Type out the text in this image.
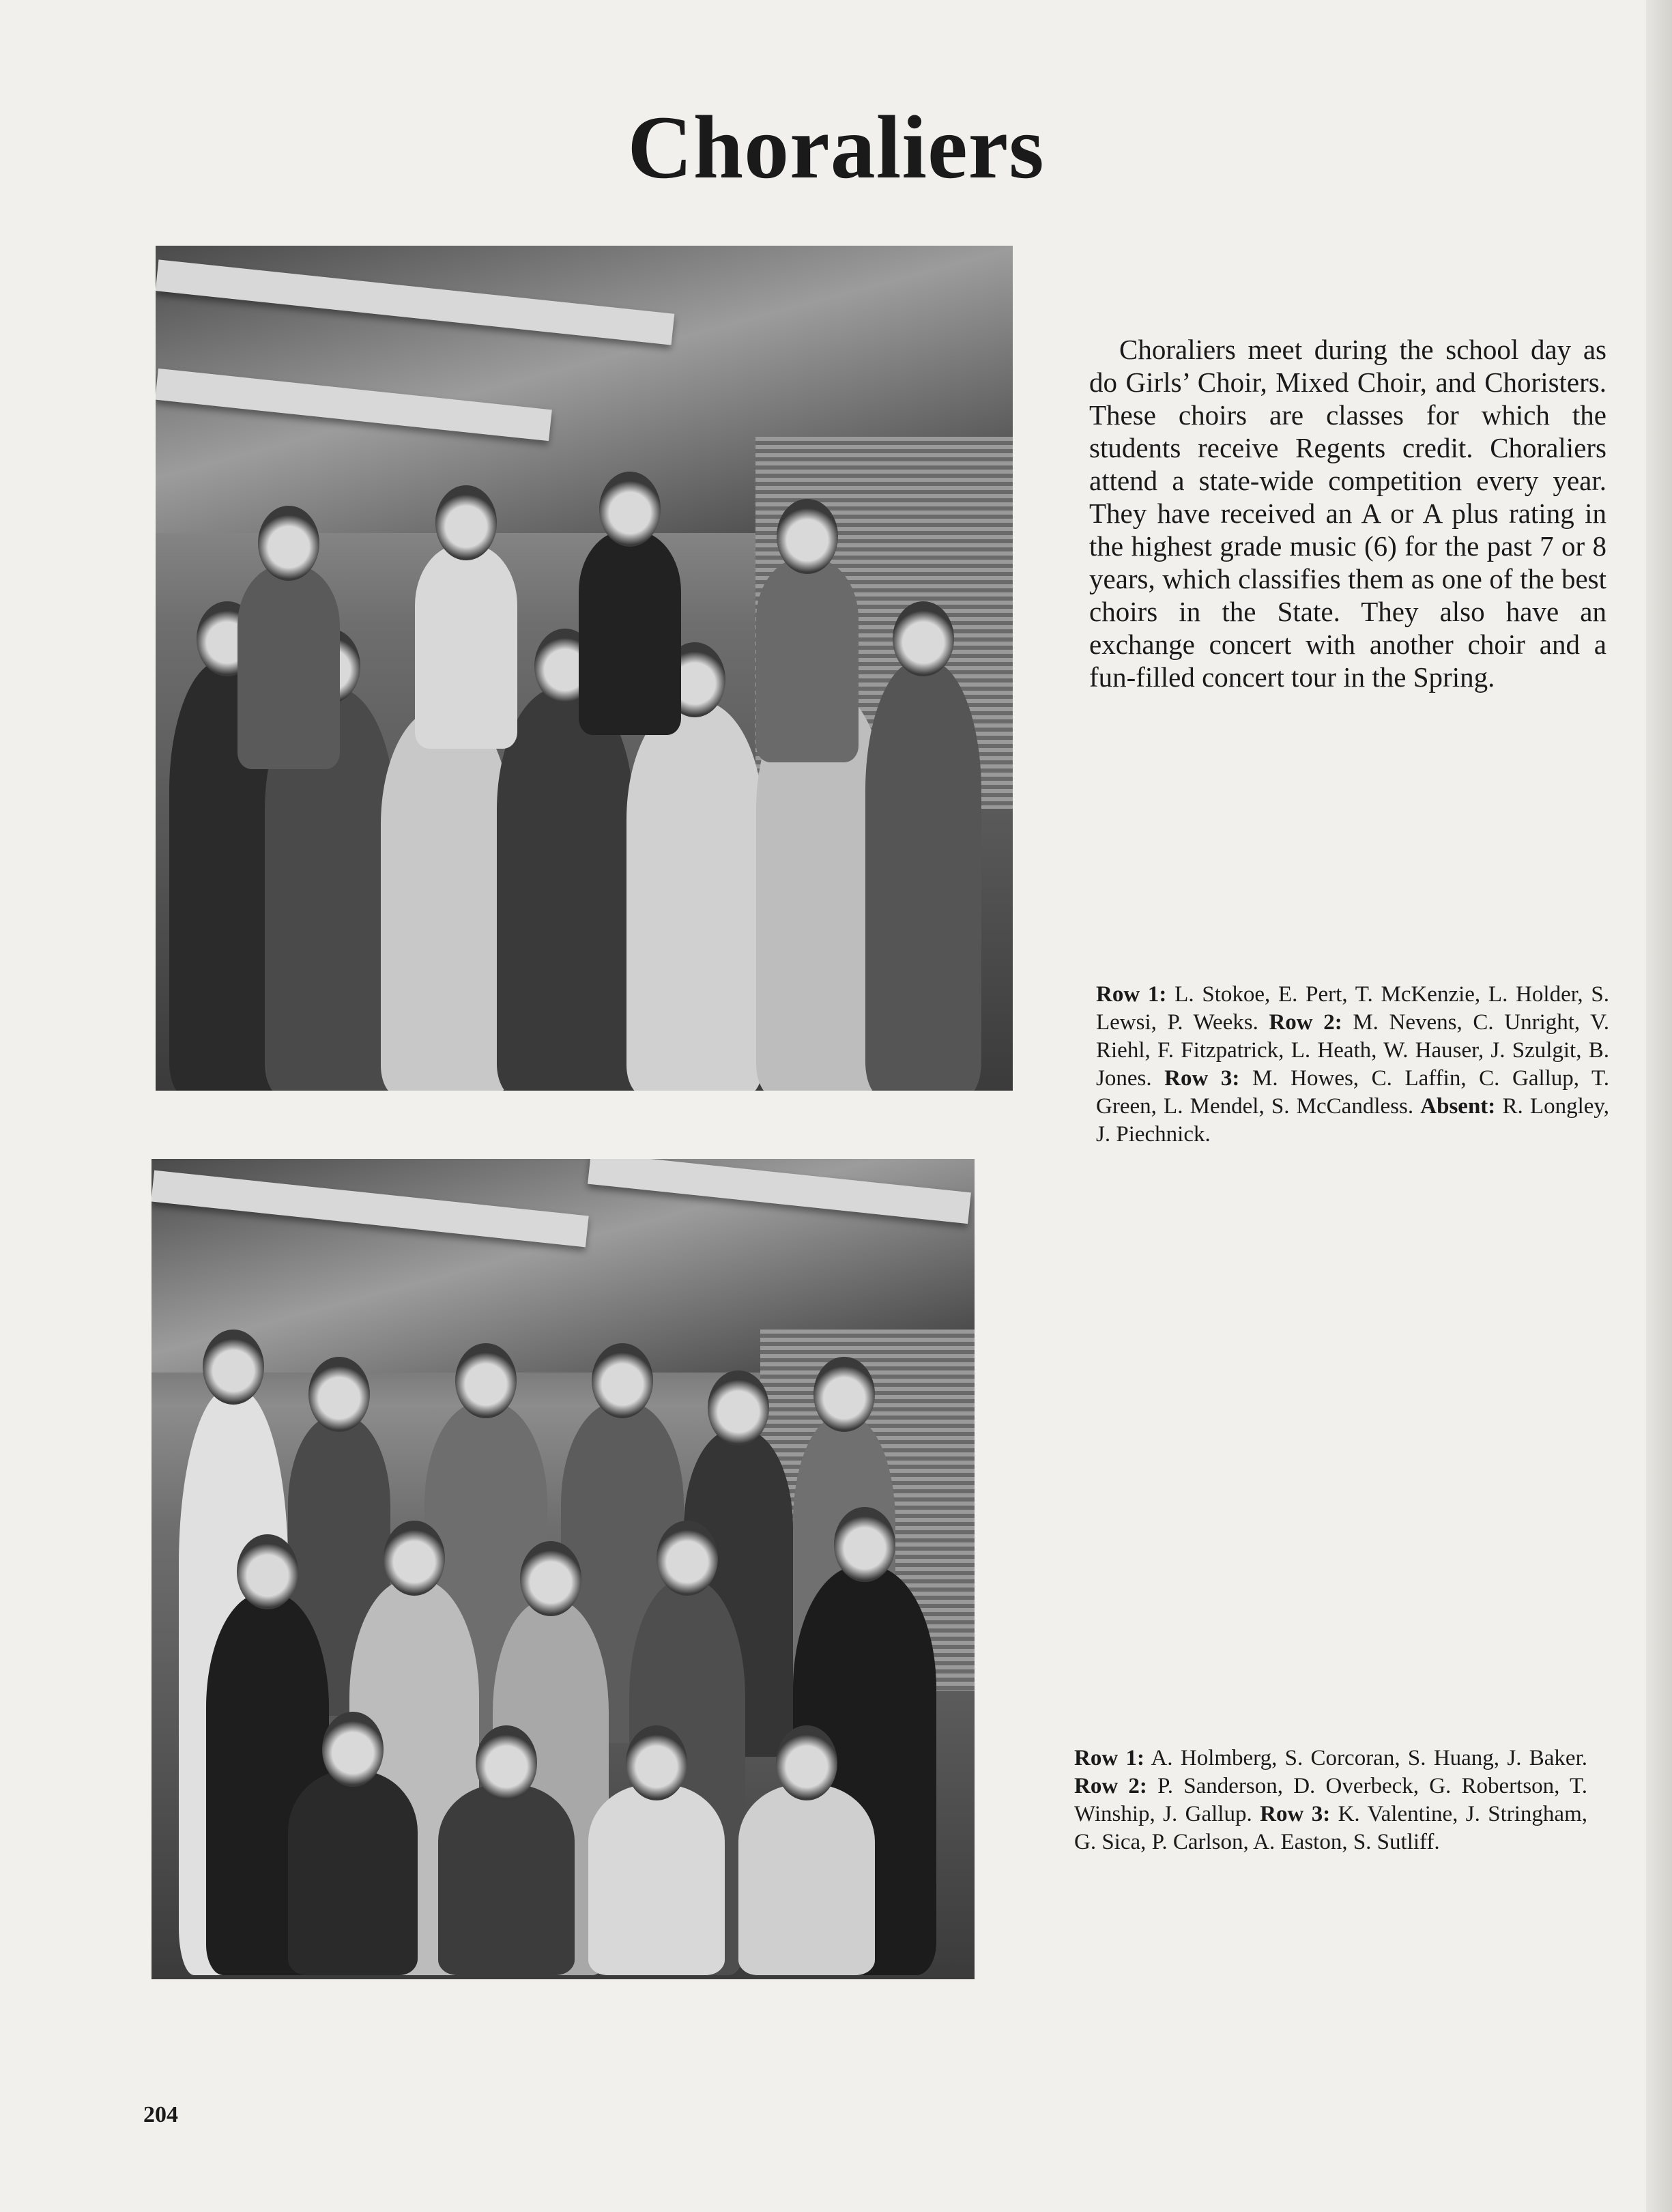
Choraliers

Choraliers meet during the school day as do Girls’ Choir, Mixed Choir, and Choristers. These choirs are classes for which the students receive Regents credit. Choraliers attend a state-wide competition every year. They have received an A or A plus rating in the highest grade music (6) for the past 7 or 8 years, which classifies them as one of the best choirs in the State. They also have an exchange concert with another choir and a fun-filled concert tour in the Spring.

Row 1: L. Stokoe, E. Pert, T. McKenzie, L. Holder, S. Lewsi, P. Weeks. Row 2: M. Nevens, C. Unright, V. Riehl, F. Fitzpatrick, L. Heath, W. Hauser, J. Szulgit, B. Jones. Row 3: M. Howes, C. Laffin, C. Gallup, T. Green, L. Mendel, S. McCandless. Absent: R. Longley, J. Piechnick.

Row 1: A. Holmberg, S. Corcoran, S. Huang, J. Baker. Row 2: P. Sanderson, D. Overbeck, G. Robertson, T. Winship, J. Gallup. Row 3: K. Valentine, J. Stringham, G. Sica, P. Carlson, A. Easton, S. Sutliff.

204
